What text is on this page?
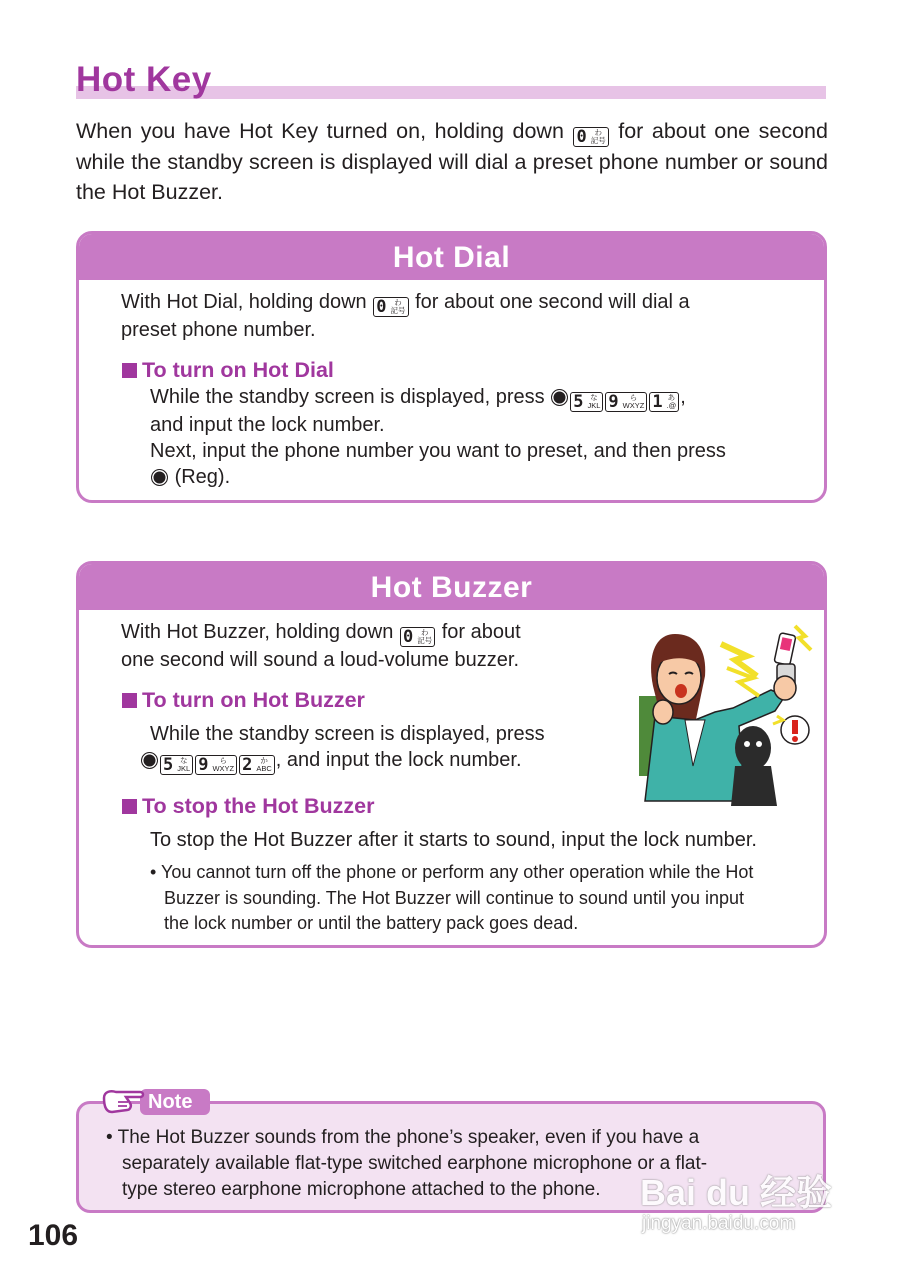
Hot Key
When you have Hot Key turned on, holding down 0 わ
記号 for about one second while the standby screen is displayed will dial a preset phone number or sound the Hot Buzzer.
Hot Dial
With Hot Dial, holding down 0 わ
記号 for about one second will dial a
preset phone number.
To turn on Hot Dial
While the standby screen is displayed, press 5 な
JKL 9 ら
WXYZ 1 あ
.@ ,
and input the lock number.
Next, input the phone number you want to preset, and then press
(Reg).
Hot Buzzer
With Hot Buzzer, holding down 0 わ
記号 for about
one second will sound a loud-volume buzzer.
To turn on Hot Buzzer
While the standby screen is displayed, press
5 な
JKL 9 ら
WXYZ 2 か
ABC , and input the lock number.
To stop the Hot Buzzer
To stop the Hot Buzzer after it starts to sound, input the lock number.
• You cannot turn off the phone or perform any other operation while the Hot
Buzzer is sounding. The Hot Buzzer will continue to sound until you input
the lock number or until the battery pack goes dead.
Note
• The Hot Buzzer sounds from the phone’s speaker, even if you have a
separately available flat-type switched earphone microphone or a flat-
type stereo earphone microphone attached to the phone.
106
Bai du 经验
jingyan.baidu.com
